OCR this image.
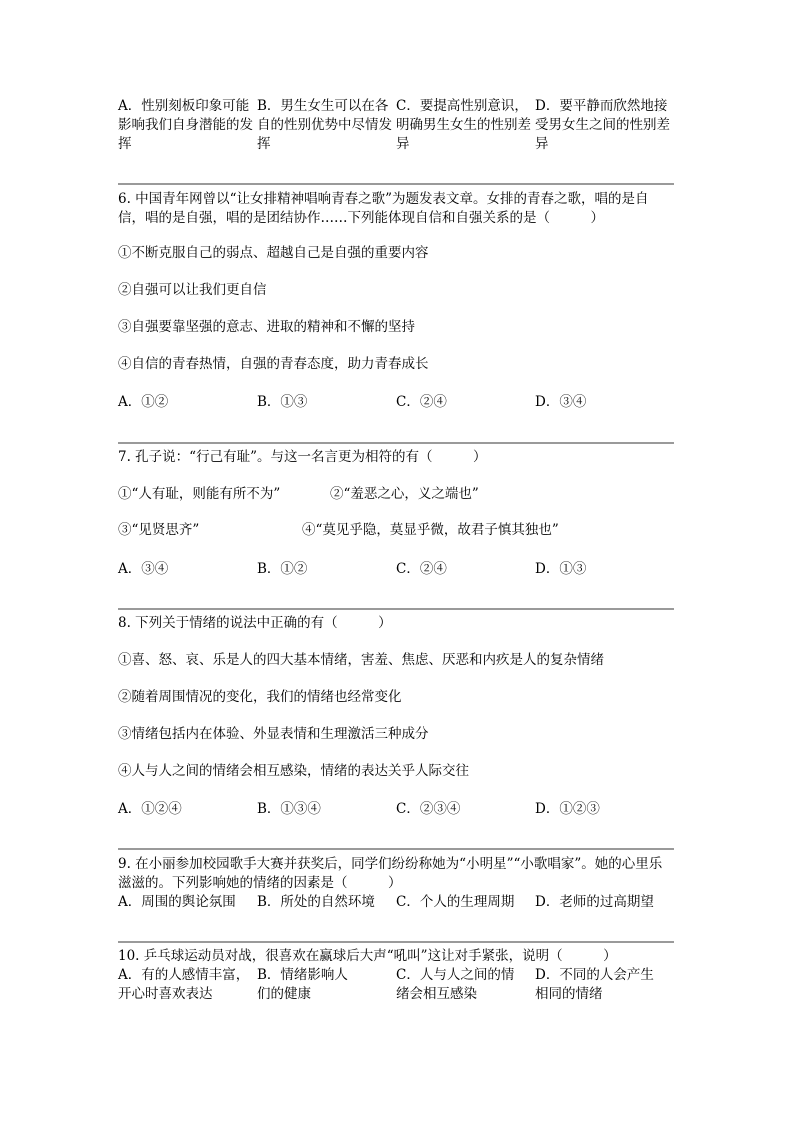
A．性别刻板印象可能影响我们自身潜能的发挥
B．男生女生可以在各自的性别优势中尽情发挥
C．要提高性别意识，明确男生女生的性别差异
D．要平静而欣然地接受男女生之间的性别差异
6. 中国青年网曾以“让女排精神唱响青春之歌”为题发表文章。女排的青春之歌，唱的是自信，唱的是自强，唱的是团结协作……下列能体现自信和自强关系的是（　　　）
①不断克服自己的弱点、超越自己是自强的重要内容
②自强可以让我们更自信
③自强要靠坚强的意志、进取的精神和不懈的坚持
④自信的青春热情，自强的青春态度，助力青春成长
A．①②	B．①③	C．②④	D．③④
7. 孔子说：“行己有耻”。与这一名言更为相符的有（　　　）
①“人有耻，则能有所不为”	②“羞恶之心，义之端也”
③“见贤思齐”	④“莫见乎隐，莫显乎微，故君子慎其独也”
A．③④	B．①②	C．②④	D．①③
8. 下列关于情绪的说法中正确的有（　　　）
①喜、怒、哀、乐是人的四大基本情绪，害羞、焦虑、厌恶和内疚是人的复杂情绪
②随着周围情况的变化，我们的情绪也经常变化
③情绪包括内在体验、外显表情和生理激活三种成分
④人与人之间的情绪会相互感染，情绪的表达关乎人际交往
A．①②④	B．①③④	C．②③④	D．①②③
9. 在小丽参加校园歌手大赛并获奖后，同学们纷纷称她为“小明星”“小歌唱家”。她的心里乐滋滋的。下列影响她的情绪的因素是（　　　）
A．周围的舆论氛围	B．所处的自然环境	C．个人的生理周期	D．老师的过高期望
10. 乒乓球运动员对战，很喜欢在赢球后大声“吼叫”这让对手紧张，说明（　　　）
A．有的人感情丰富，开心时喜欢表达
B．情绪影响人们的健康
C．人与人之间的情绪会相互感染
D．不同的人会产生相同的情绪
